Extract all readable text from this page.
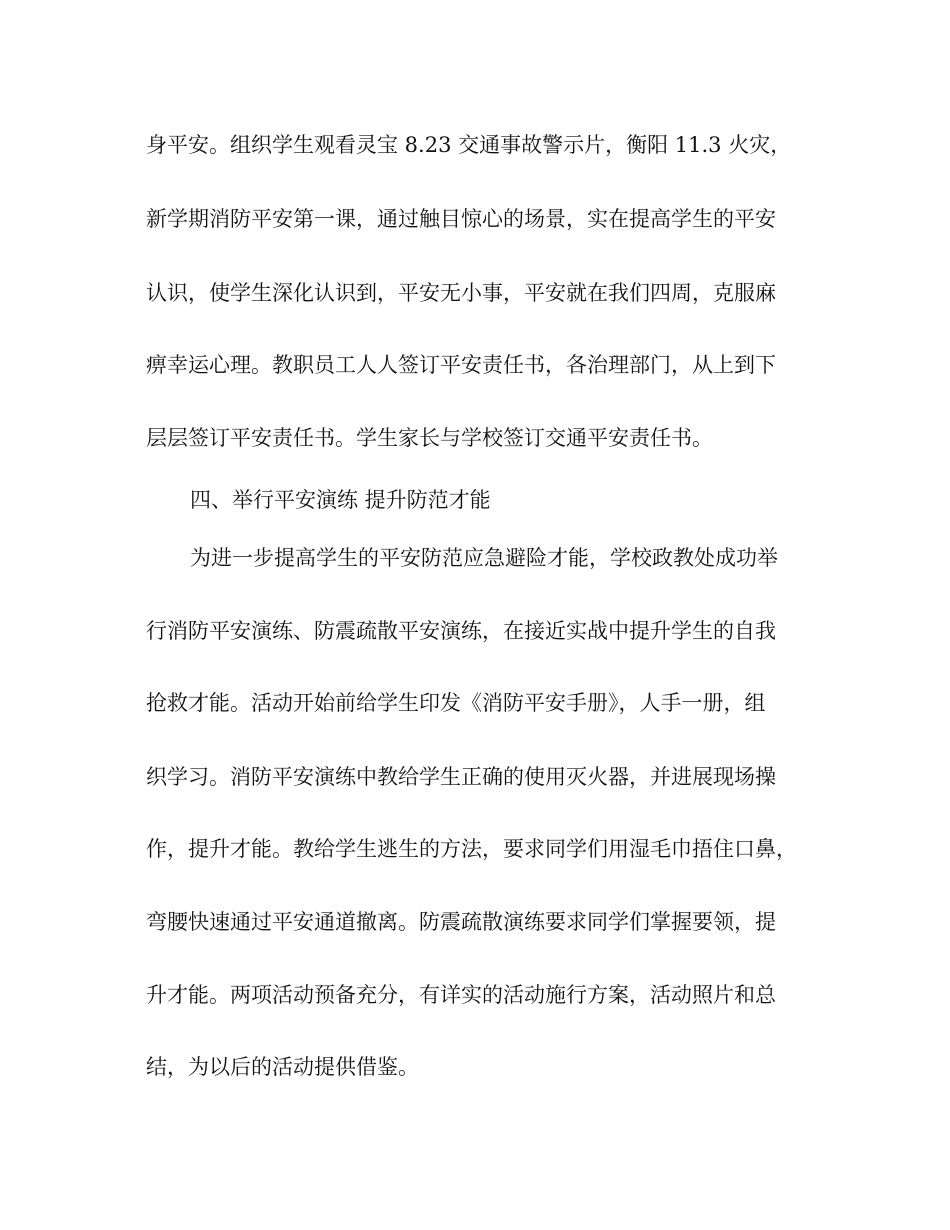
身平安。组织学生观看灵宝 8.23 交通事故警示片，衡阳 11.3 火灾，
新学期消防平安第一课，通过触目惊心的场景，实在提高学生的平安
认识，使学生深化认识到，平安无小事，平安就在我们四周，克服麻
痹幸运心理。教职员工人人签订平安责任书，各治理部门，从上到下
层层签订平安责任书。学生家长与学校签订交通平安责任书。
四、举行平安演练 提升防范才能
为进一步提高学生的平安防范应急避险才能，学校政教处成功举
行消防平安演练、防震疏散平安演练，在接近实战中提升学生的自我
抢救才能。活动开始前给学生印发《消防平安手册》，人手一册，组
织学习。消防平安演练中教给学生正确的使用灭火器，并进展现场操
作，提升才能。教给学生逃生的方法，要求同学们用湿毛巾捂住口鼻，
弯腰快速通过平安通道撤离。防震疏散演练要求同学们掌握要领，提
升才能。两项活动预备充分，有详实的活动施行方案，活动照片和总
结，为以后的活动提供借鉴。
